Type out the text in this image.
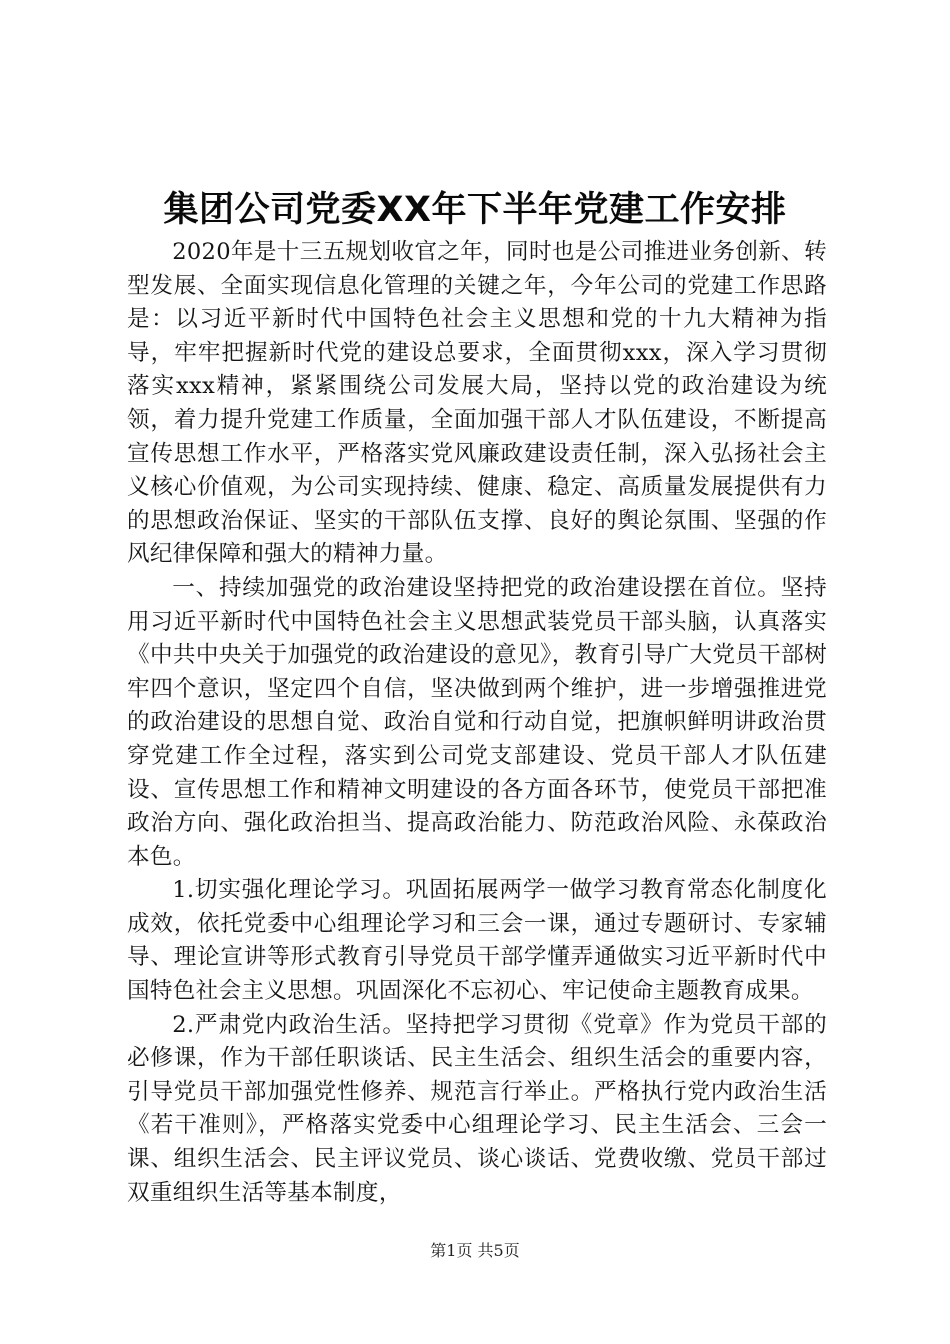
集团公司党委XX年下半年党建工作安排

2020年是十三五规划收官之年，同时也是公司推进业务创新、转型发展、全面实现信息化管理的关键之年，今年公司的党建工作思路是：以习近平新时代中国特色社会主义思想和党的十九大精神为指导，牢牢把握新时代党的建设总要求，全面贯彻xxx，深入学习贯彻落实xxx精神，紧紧围绕公司发展大局，坚持以党的政治建设为统领，着力提升党建工作质量，全面加强干部人才队伍建设，不断提高宣传思想工作水平，严格落实党风廉政建设责任制，深入弘扬社会主义核心价值观，为公司实现持续、健康、稳定、高质量发展提供有力的思想政治保证、坚实的干部队伍支撑、良好的舆论氛围、坚强的作风纪律保障和强大的精神力量。

一、持续加强党的政治建设坚持把党的政治建设摆在首位。坚持用习近平新时代中国特色社会主义思想武装党员干部头脑，认真落实《中共中央关于加强党的政治建设的意见》，教育引导广大党员干部树牢四个意识，坚定四个自信，坚决做到两个维护，进一步增强推进党的政治建设的思想自觉、政治自觉和行动自觉，把旗帜鲜明讲政治贯穿党建工作全过程，落实到公司党支部建设、党员干部人才队伍建设、宣传思想工作和精神文明建设的各方面各环节，使党员干部把准政治方向、强化政治担当、提高政治能力、防范政治风险、永葆政治本色。

1.切实强化理论学习。巩固拓展两学一做学习教育常态化制度化成效，依托党委中心组理论学习和三会一课，通过专题研讨、专家辅导、理论宣讲等形式教育引导党员干部学懂弄通做实习近平新时代中国特色社会主义思想。巩固深化不忘初心、牢记使命主题教育成果。

2.严肃党内政治生活。坚持把学习贯彻《党章》作为党员干部的必修课，作为干部任职谈话、民主生活会、组织生活会的重要内容，引导党员干部加强党性修养、规范言行举止。严格执行党内政治生活《若干准则》，严格落实党委中心组理论学习、民主生活会、三会一课、组织生活会、民主评议党员、谈心谈话、党费收缴、党员干部过双重组织生活等基本制度，

第1页 共5页
